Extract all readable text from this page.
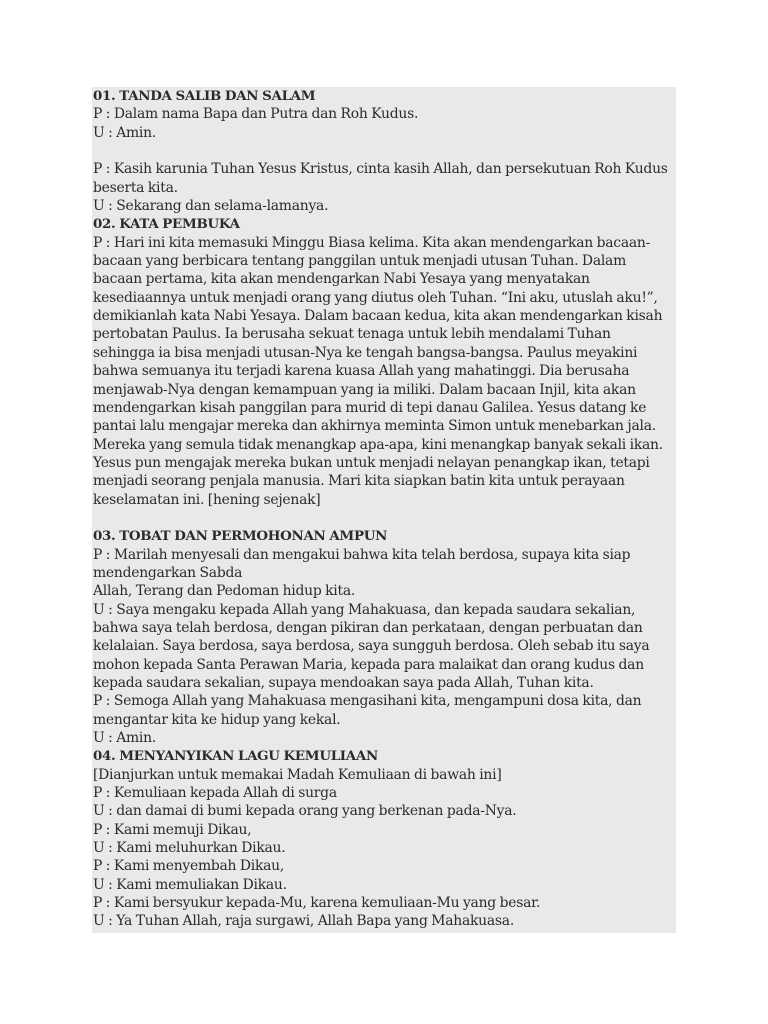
01. TANDA SALIB DAN SALAM

P : Dalam nama Bapa dan Putra dan Roh Kudus.

U : Amin.

P : Kasih karunia Tuhan Yesus Kristus, cinta kasih Allah, dan persekutuan Roh Kudus beserta kita.

U : Sekarang dan selama-lamanya.

02. KATA PEMBUKA

P : Hari ini kita memasuki Minggu Biasa kelima. Kita akan mendengarkan bacaan-bacaan yang berbicara tentang panggilan untuk menjadi utusan Tuhan. Dalam bacaan pertama, kita akan mendengarkan Nabi Yesaya yang menyatakan kesediaannya untuk menjadi orang yang diutus oleh Tuhan. “Ini aku, utuslah aku!”, demikianlah kata Nabi Yesaya. Dalam bacaan kedua, kita akan mendengarkan kisah pertobatan Paulus. Ia berusaha sekuat tenaga untuk lebih mendalami Tuhan sehingga ia bisa menjadi utusan-Nya ke tengah bangsa-bangsa. Paulus meyakini bahwa semuanya itu terjadi karena kuasa Allah yang mahatinggi. Dia berusaha menjawab-Nya dengan kemampuan yang ia miliki. Dalam bacaan Injil, kita akan mendengarkan kisah panggilan para murid di tepi danau Galilea. Yesus datang ke pantai lalu mengajar mereka dan akhirnya meminta Simon untuk menebarkan jala. Mereka yang semula tidak menangkap apa-apa, kini menangkap banyak sekali ikan. Yesus pun mengajak mereka bukan untuk menjadi nelayan penangkap ikan, tetapi menjadi seorang penjala manusia. Mari kita siapkan batin kita untuk perayaan keselamatan ini. [hening sejenak]

03. TOBAT DAN PERMOHONAN AMPUN

P : Marilah menyesali dan mengakui bahwa kita telah berdosa, supaya kita siap mendengarkan Sabda

Allah, Terang dan Pedoman hidup kita.

U : Saya mengaku kepada Allah yang Mahakuasa, dan kepada saudara sekalian, bahwa saya telah berdosa, dengan pikiran dan perkataan, dengan perbuatan dan kelalaian. Saya berdosa, saya berdosa, saya sungguh berdosa. Oleh sebab itu saya mohon kepada Santa Perawan Maria, kepada para malaikat dan orang kudus dan kepada saudara sekalian, supaya mendoakan saya pada Allah, Tuhan kita.

P : Semoga Allah yang Mahakuasa mengasihani kita, mengampuni dosa kita, dan mengantar kita ke hidup yang kekal.

U : Amin.

04. MENYANYIKAN LAGU KEMULIAAN

[Dianjurkan untuk memakai Madah Kemuliaan di bawah ini]

P : Kemuliaan kepada Allah di surga

U : dan damai di bumi kepada orang yang berkenan pada-Nya.

P : Kami memuji Dikau,

U : Kami meluhurkan Dikau.

P : Kami menyembah Dikau,

U : Kami memuliakan Dikau.

P : Kami bersyukur kepada-Mu, karena kemuliaan-Mu yang besar.

U : Ya Tuhan Allah, raja surgawi, Allah Bapa yang Mahakuasa.
